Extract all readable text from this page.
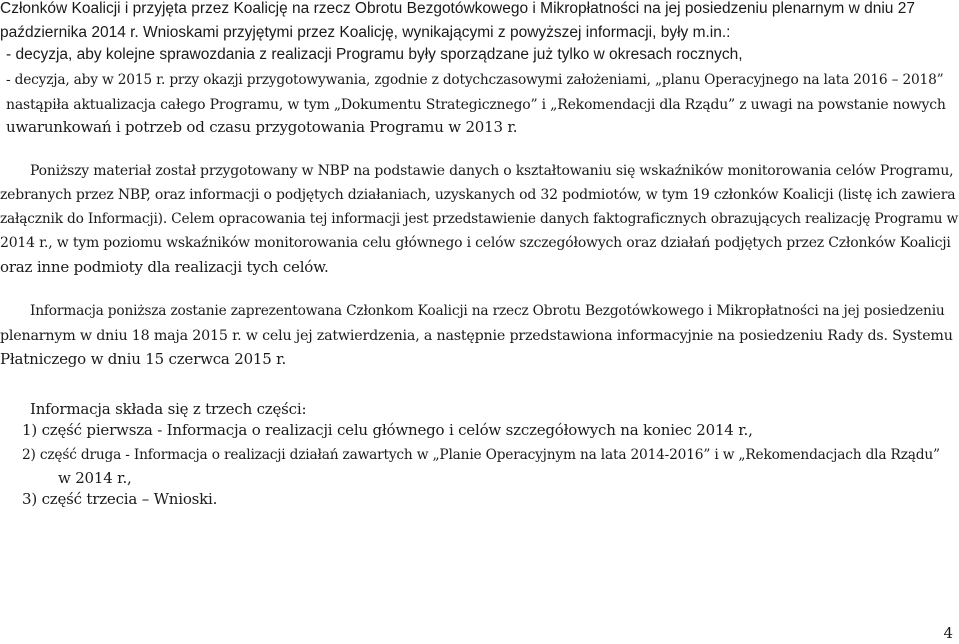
Członków Koalicji i przyjęta przez Koalicję na rzecz Obrotu Bezgotówkowego i Mikropłatności na jej posiedzeniu plenarnym w dniu 27
października 2014 r. Wnioskami przyjętymi przez Koalicję, wynikającymi z powyższej informacji, były m.in.:
- decyzja, aby kolejne sprawozdania z realizacji Programu były sporządzane już tylko w okresach rocznych,
- decyzja, aby w 2015 r. przy okazji przygotowywania, zgodnie z dotychczasowymi założeniami, „planu Operacyjnego na lata 2016 – 2018”
nastąpiła aktualizacja całego Programu, w tym „Dokumentu Strategicznego” i „Rekomendacji dla Rządu” z uwagi na powstanie nowych
uwarunkowań i potrzeb od czasu przygotowania Programu w 2013 r.
Poniższy materiał został przygotowany w NBP na podstawie danych o kształtowaniu się wskaźników monitorowania celów Programu,
zebranych przez NBP, oraz informacji o podjętych działaniach, uzyskanych od 32 podmiotów, w tym 19 członków Koalicji (listę ich zawiera
załącznik do Informacji). Celem opracowania tej informacji jest przedstawienie danych faktograficznych obrazujących realizację Programu w
2014 r., w tym poziomu wskaźników monitorowania celu głównego i celów szczegółowych oraz działań podjętych przez Członków Koalicji
oraz inne podmioty dla realizacji tych celów.
Informacja poniższa zostanie zaprezentowana Członkom Koalicji na rzecz Obrotu Bezgotówkowego i Mikropłatności na jej posiedzeniu
plenarnym w dniu 18 maja 2015 r. w celu jej zatwierdzenia, a następnie przedstawiona informacyjnie na posiedzeniu Rady ds. Systemu
Płatniczego w dniu 15 czerwca 2015 r.
Informacja składa się z trzech części:
1) część pierwsza - Informacja o realizacji celu głównego i celów szczegółowych na koniec 2014 r.,
2) część druga - Informacja o realizacji działań zawartych w „Planie Operacyjnym na lata 2014-2016” i w „Rekomendacjach dla Rządu”
w 2014 r.,
3) część trzecia – Wnioski.
4
